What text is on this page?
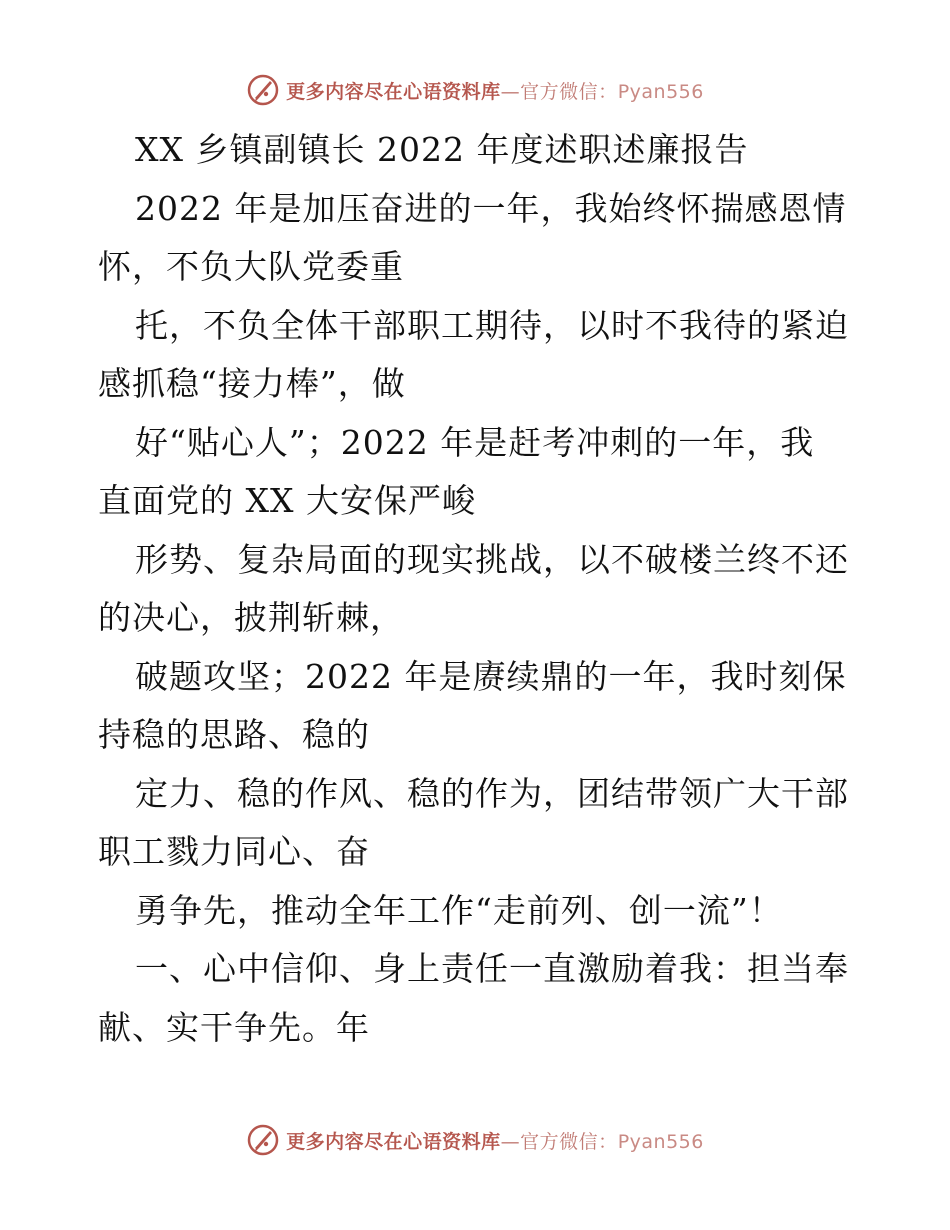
更多内容尽在心语资料库—官方微信：Pyan556
XX 乡镇副镇长 2022 年度述职述廉报告
2022 年是加压奋进的一年，我始终怀揣感恩情
怀，不负大队党委重
托，不负全体干部职工期待，以时不我待的紧迫
感抓稳“接力棒”，做
好“贴心人”；2022 年是赶考冲刺的一年，我
直面党的 XX 大安保严峻
形势、复杂局面的现实挑战，以不破楼兰终不还
的决心，披荆斩棘，
破题攻坚；2022 年是赓续鼎的一年，我时刻保
持稳的思路、稳的
定力、稳的作风、稳的作为，团结带领广大干部
职工戮力同心、奋
勇争先，推动全年工作“走前列、创一流”！
一、心中信仰、身上责任一直激励着我：担当奉
献、实干争先。年
更多内容尽在心语资料库—官方微信：Pyan556
